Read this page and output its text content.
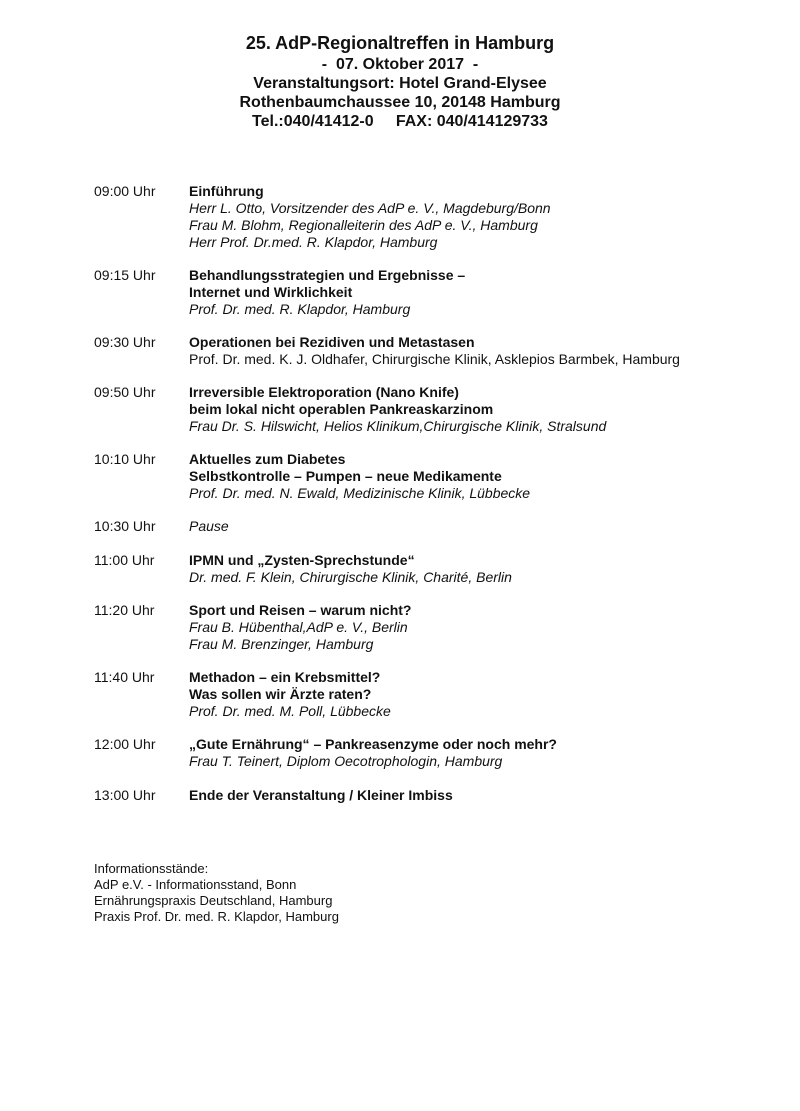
25. AdP-Regionaltreffen in Hamburg
-  07. Oktober 2017  -
Veranstaltungsort: Hotel Grand-Elysee
Rothenbaumchaussee 10, 20148 Hamburg
Tel.:040/41412-0     FAX: 040/414129733
09:00 Uhr	Einführung
Herr L. Otto, Vorsitzender des AdP e. V., Magdeburg/Bonn
Frau M. Blohm, Regionalleiterin des AdP e. V., Hamburg
Herr Prof. Dr.med. R. Klapdor, Hamburg
09:15 Uhr	Behandlungsstrategien und Ergebnisse –
Internet und Wirklichkeit
Prof. Dr. med. R. Klapdor, Hamburg
09:30 Uhr	Operationen bei Rezidiven und Metastasen
Prof. Dr. med. K. J. Oldhafer, Chirurgische Klinik, Asklepios Barmbek, Hamburg
09:50 Uhr	Irreversible Elektroporation (Nano Knife)
beim lokal nicht operablen Pankreaskarzinom
Frau Dr. S. Hilswicht, Helios Klinikum,Chirurgische Klinik, Stralsund
10:10 Uhr	Aktuelles zum Diabetes
Selbstkontrolle – Pumpen – neue Medikamente
Prof. Dr. med. N. Ewald, Medizinische Klinik, Lübbecke
10:30 Uhr	Pause
11:00 Uhr	IPMN und „Zysten-Sprechstunde“
Dr. med. F. Klein, Chirurgische Klinik, Charité, Berlin
11:20 Uhr	Sport und Reisen – warum nicht?
Frau B. Hübenthal,AdP e. V., Berlin
Frau M. Brenzinger, Hamburg
11:40 Uhr	Methadon – ein Krebsmittel?
Was sollen wir Ärzte raten?
Prof. Dr. med. M. Poll, Lübbecke
12:00 Uhr	„Gute Ernährung“ – Pankreasenzyme oder noch mehr?
Frau T. Teinert, Diplom Oecotrophologin, Hamburg
13:00 Uhr	Ende der Veranstaltung / Kleiner Imbiss
Informationsstände:
AdP e.V. - Informationsstand, Bonn
Ernährungspraxis Deutschland, Hamburg
Praxis Prof. Dr. med. R. Klapdor, Hamburg
